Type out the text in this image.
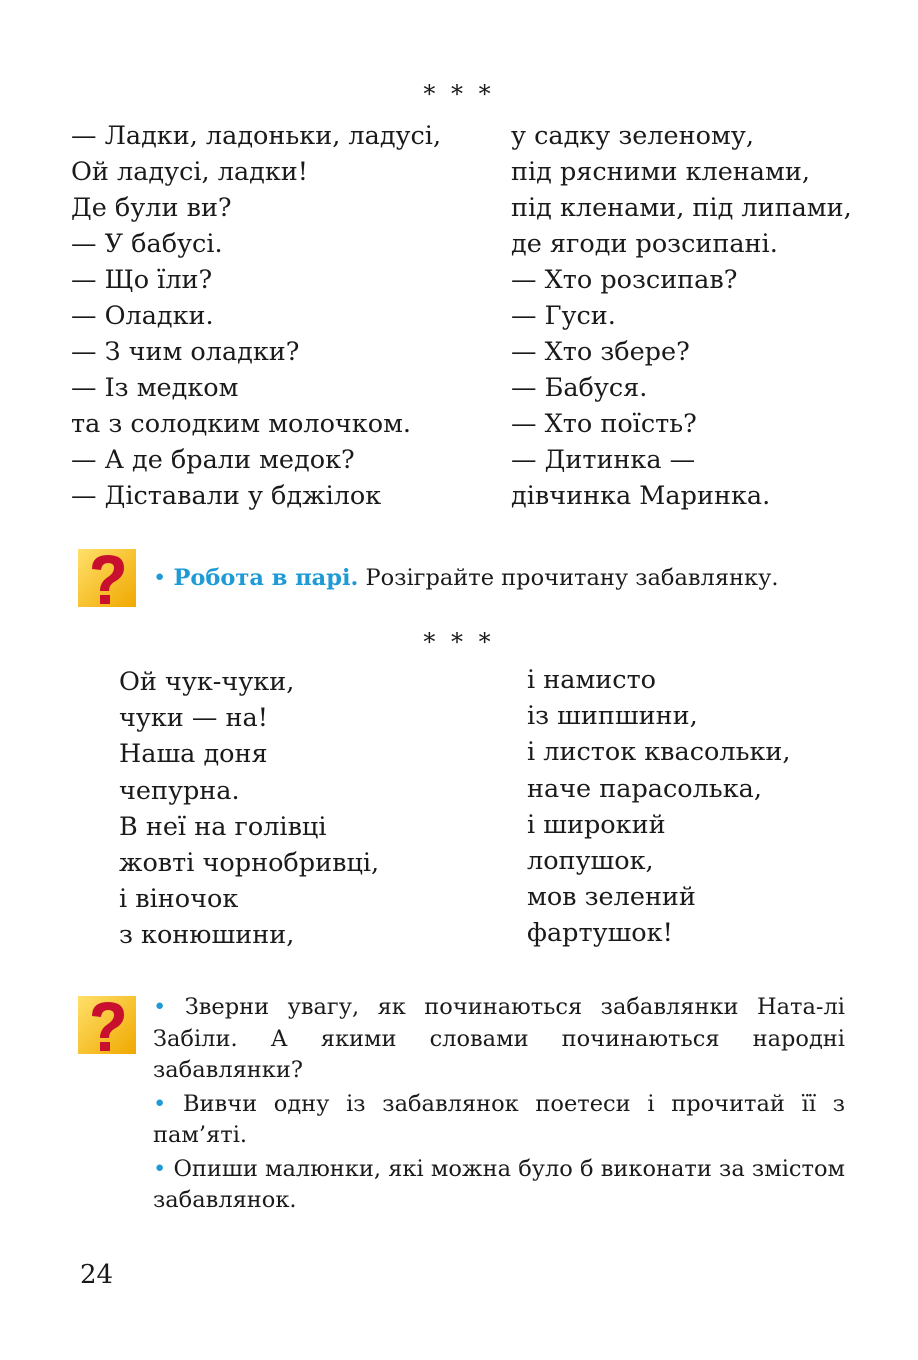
* * *
— Ладки, ладоньки, ладусі,
Ой ладусі, ладки!
Де були ви?
— У бабусі.
— Що їли?
— Оладки.
— З чим оладки?
— Із медком
та з солодким молочком.
— А де брали медок?
— Діставали у бджілок
у садку зеленому,
під рясними кленами,
під кленами, під липами,
де ягоди розсипані.
— Хто розсипав?
— Гуси.
— Хто збере?
— Бабуся.
— Хто поїсть?
— Дитинка —
дівчинка Маринка.
• Робота в парі. Розіграйте прочитану забавлянку.
* * *
Ой чук-чуки,
чуки — на!
Наша доня
чепурна.
В неї на голівці
жовті чорнобривці,
і віночок
з конюшини,
і намисто
із шипшини,
і листок квасольки,
наче парасолька,
і широкий
лопушок,
мов зелений
фартушок!

• Зверни увагу, як починаються забавлянки Ната-лі Забіли. А якими словами починаються народні забавлянки?

• Вивчи одну із забавлянок поетеси і прочитай її з пам’яті.

• Опиши малюнки, які можна було б виконати за змістом забавлянок.

24
